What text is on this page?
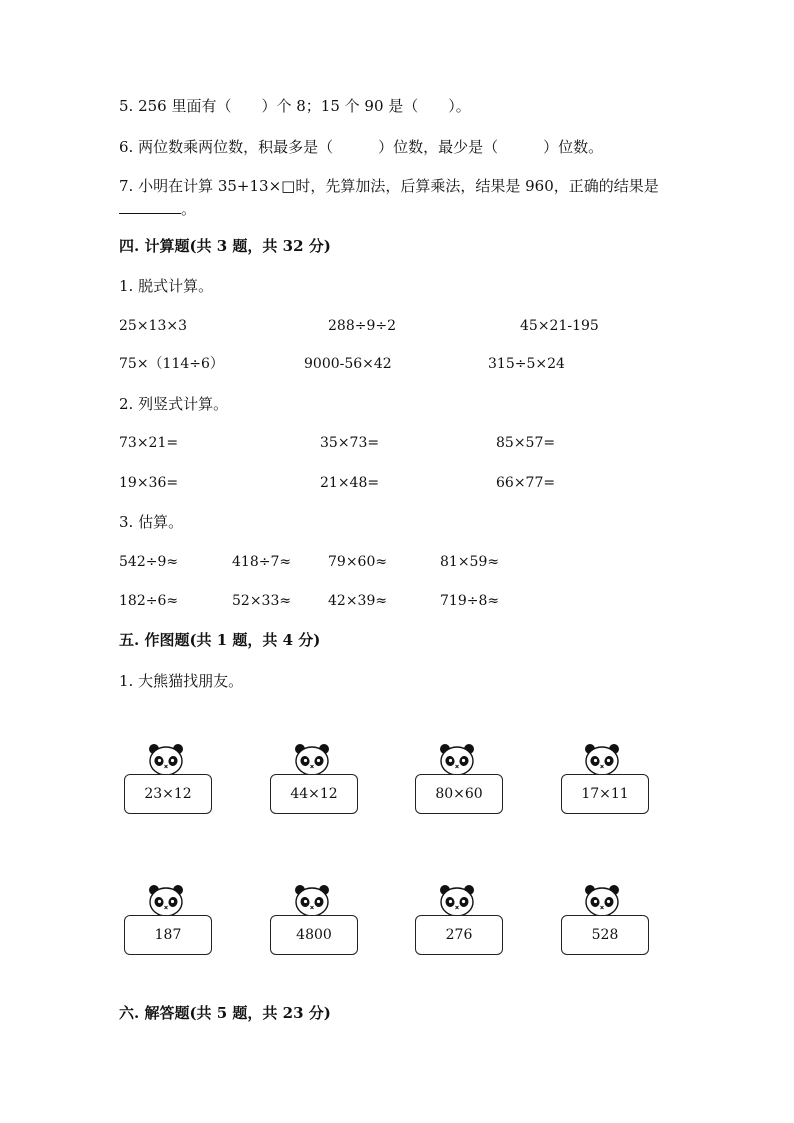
5. 256 里面有（　　）个 8；15 个 90 是（　　）。
6. 两位数乘两位数，积最多是（　　　）位数，最少是（　　　）位数。
7. 小明在计算 35+13×□时，先算加法，后算乘法，结果是 960，正确的结果是
。
四. 计算题(共 3 题，共 32 分)
1. 脱式计算。
25×13×3	288÷9÷2	45×21-195
75×（114÷6）	9000-56×42	315÷5×24
2. 列竖式计算。
73×21=	35×73=	85×57=
19×36=	21×48=	66×77=
3. 估算。
542÷9≈	418÷7≈	79×60≈	81×59≈
182÷6≈	52×33≈	42×39≈	719÷8≈
五. 作图题(共 1 题，共 4 分)
1. 大熊猫找朋友。
23×12	44×12	80×60	17×11
187	4800	276	528
六. 解答题(共 5 题，共 23 分)
